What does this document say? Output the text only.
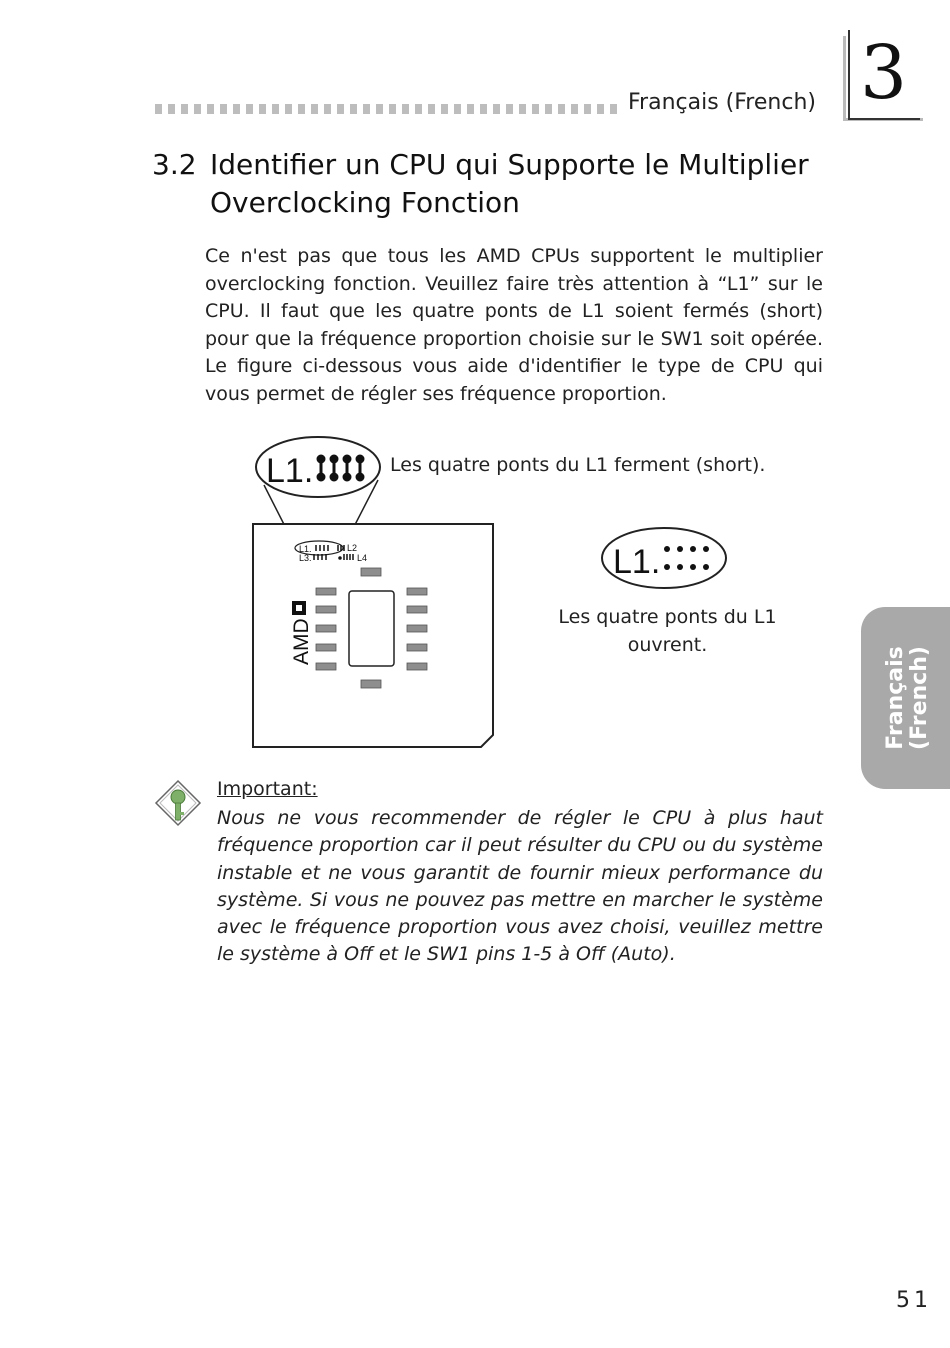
Français (French) 3
3.2 Identifier un CPU qui Supporte le Multiplier
Overclocking Fonction
Ce n'est pas que tous les AMD CPUs supportent le multiplier overclocking fonction. Veuillez faire très attention à “L1” sur le CPU. Il faut que les quatre ponts de L1 soient fermés (short) pour que la fréquence proportion choisie sur le SW1 soit opérée. Le figure ci-dessous vous aide d'identifier le type de CPU qui vous permet de régler ses fréquence proportion.
L1.
L1.	L2
L3.	L4
AMD
L1.
Les quatre ponts du L1 ferment (short).
Les quatre ponts du L1
ouvrent.
Français (French)
Important:
Nous ne vous recommender de régler le CPU à plus haut fréquence proportion car il peut résulter du CPU ou du système instable et ne vous garantit de fournir mieux performance du système. Si vous ne pouvez pas mettre en marcher le système avec le fréquence proportion vous avez choisi, veuillez mettre le système à Off et le SW1 pins 1-5 à Off (Auto).
51
